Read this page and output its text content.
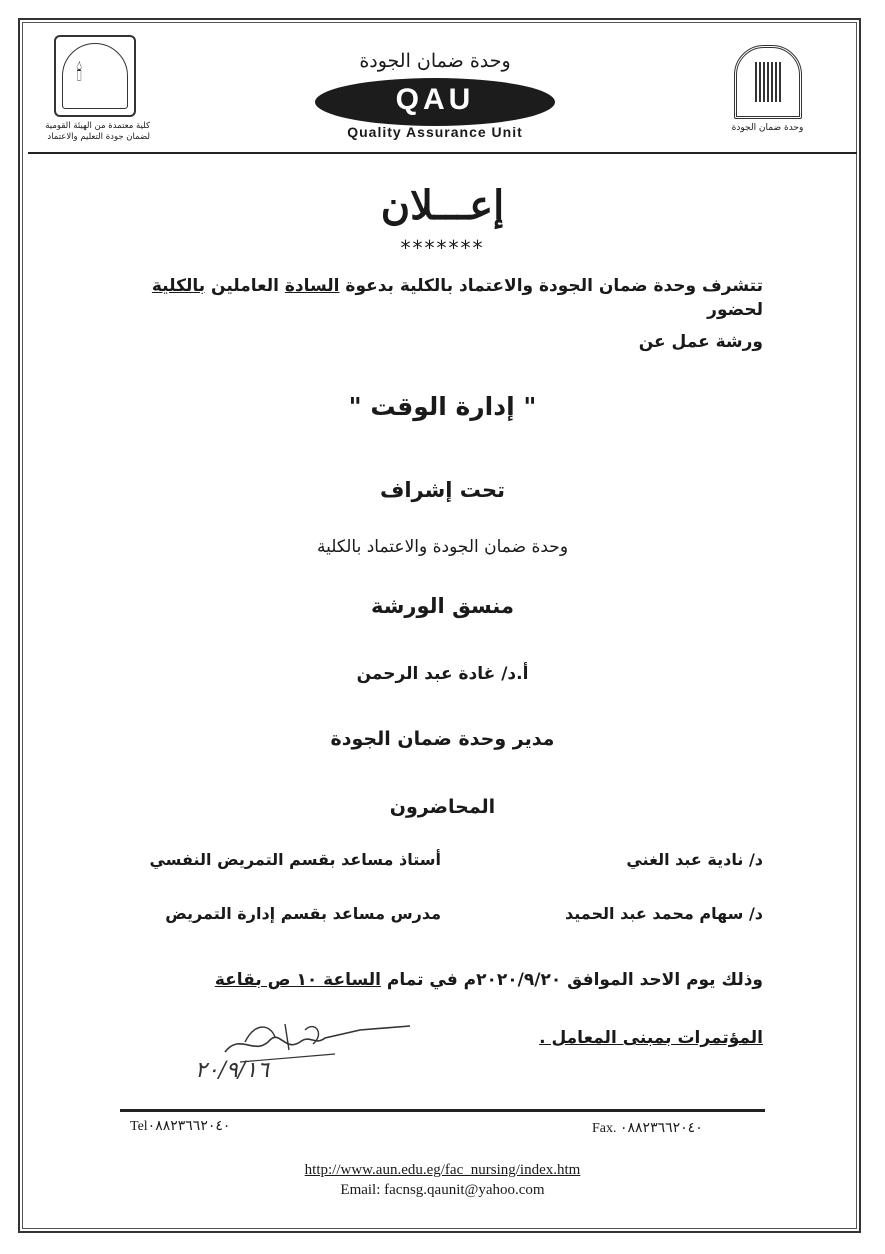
🕯
كلية معتمدة من الهيئة القومية
لضمان جودة التعليم والاعتماد
وحدة ضمان الجودة
QAU
Quality Assurance Unit	وحدة ضمان الجودة
إعـــلان
*******
تتشرف وحدة ضمان الجودة والاعتماد بالكلية بدعوة السادة العاملين بالكلية لحضور
ورشة عمل عن
" إدارة الوقت "
تحت إشراف
وحدة ضمان الجودة والاعتماد بالكلية
منسق الورشة
أ.د/ غادة عبد الرحمن
مدير وحدة ضمان الجودة
المحاضرون
د/ نادية عبد الغني
أستاذ مساعد بقسم التمريض النفسي
د/ سهام محمد عبد الحميد
مدرس مساعد بقسم إدارة التمريض
وذلك يوم الاحد الموافق ٢٠٢٠/٩/٢٠م في تمام الساعة ١٠ ص بقاعة
المؤتمرات بمبنى المعامل .
٢٠/٩/١٦
Tel٠٨٨٢٣٦٦٢٠٤٠	Fax. ٠٨٨٢٣٦٦٢٠٤٠
http://www.aun.edu.eg/fac_nursing/index.htm
Email: facnsg.qaunit@yahoo.com
